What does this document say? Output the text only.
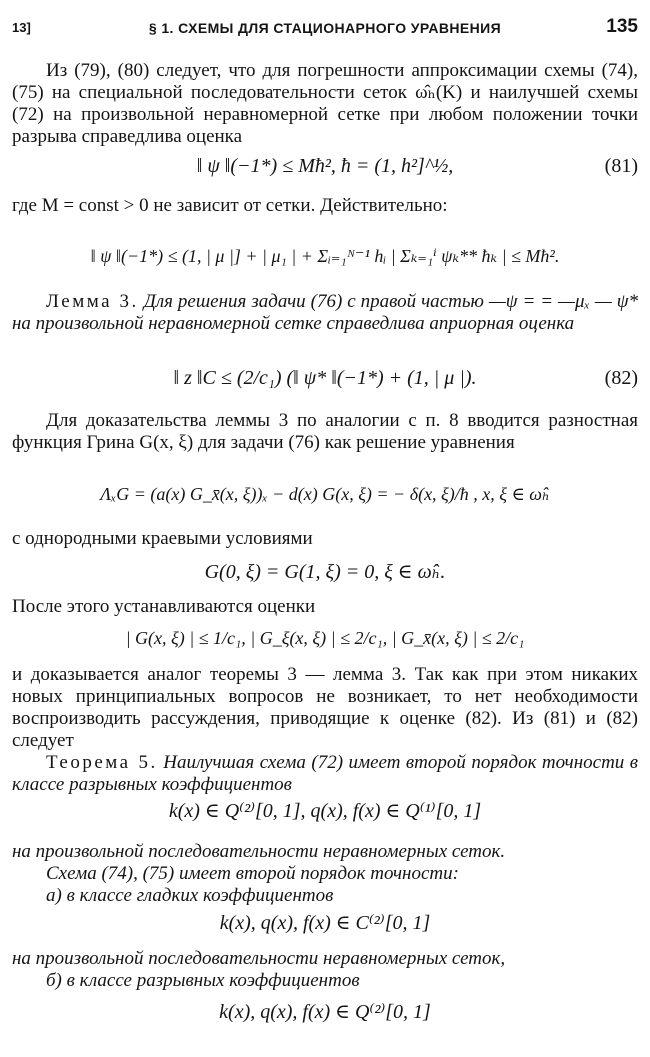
13]	§ 1. СХЕМЫ ДЛЯ СТАЦИОНАРНОГО УРАВНЕНИЯ	135
Из (79), (80) следует, что для погрешности аппроксимации схемы (74), (75) на специальной последовательности сеток ω̂ₕ(K) и наилучшей схемы (72) на произвольной неравномерной сетке при любом положении точки разрыва справедлива оценка
‖ ψ ‖(−1*) ≤ Mħ², ħ = (1, h²]^½,	(81)
где M = const > 0 не зависит от сетки. Действительно:
‖ ψ ‖(−1*) ≤ (1, | μ |] + | μ₁ | + Σᵢ₌₁ᴺ⁻¹ hᵢ | Σₖ₌₁ⁱ ψₖ** ħₖ | ≤ Mħ².
Лемма 3. Для решения задачи (76) с правой частью —ψ = = —μₓ — ψ* на произвольной неравномерной сетке справедлива априорная оценка
‖ z ‖C ≤ (2/c₁) (‖ ψ* ‖(−1*) + (1, | μ |).	(82)
Для доказательства леммы 3 по аналогии с п. 8 вводится разностная функция Грина G(x, ξ) для задачи (76) как решение уравнения
ΛₓG = (a(x) G_x̄(x, ξ))ₓ − d(x) G(x, ξ) = − δ(x, ξ)/ħ , x, ξ ∈ ω̂ₕ
с однородными краевыми условиями
G(0, ξ) = G(1, ξ) = 0, ξ ∈ ω̂ₕ.
После этого устанавливаются оценки
| G(x, ξ) | ≤ 1/c₁, | G_ξ(x, ξ) | ≤ 2/c₁, | G_x̄(x, ξ) | ≤ 2/c₁
и доказывается аналог теоремы 3 — лемма 3. Так как при этом никаких новых принципиальных вопросов не возникает, то нет необходимости воспроизводить рассуждения, приводящие к оценке (82). Из (81) и (82) следует
Теорема 5. Наилучшая схема (72) имеет второй порядок точности в классе разрывных коэффициентов
k(x) ∈ Q⁽²⁾[0, 1], q(x), f(x) ∈ Q⁽¹⁾[0, 1]
на произвольной последовательности неравномерных сеток.
Схема (74), (75) имеет второй порядок точности:
а) в классе гладких коэффициентов
k(x), q(x), f(x) ∈ C⁽²⁾[0, 1]
на произвольной последовательности неравномерных сеток,
б) в классе разрывных коэффициентов
k(x), q(x), f(x) ∈ Q⁽²⁾[0, 1]
